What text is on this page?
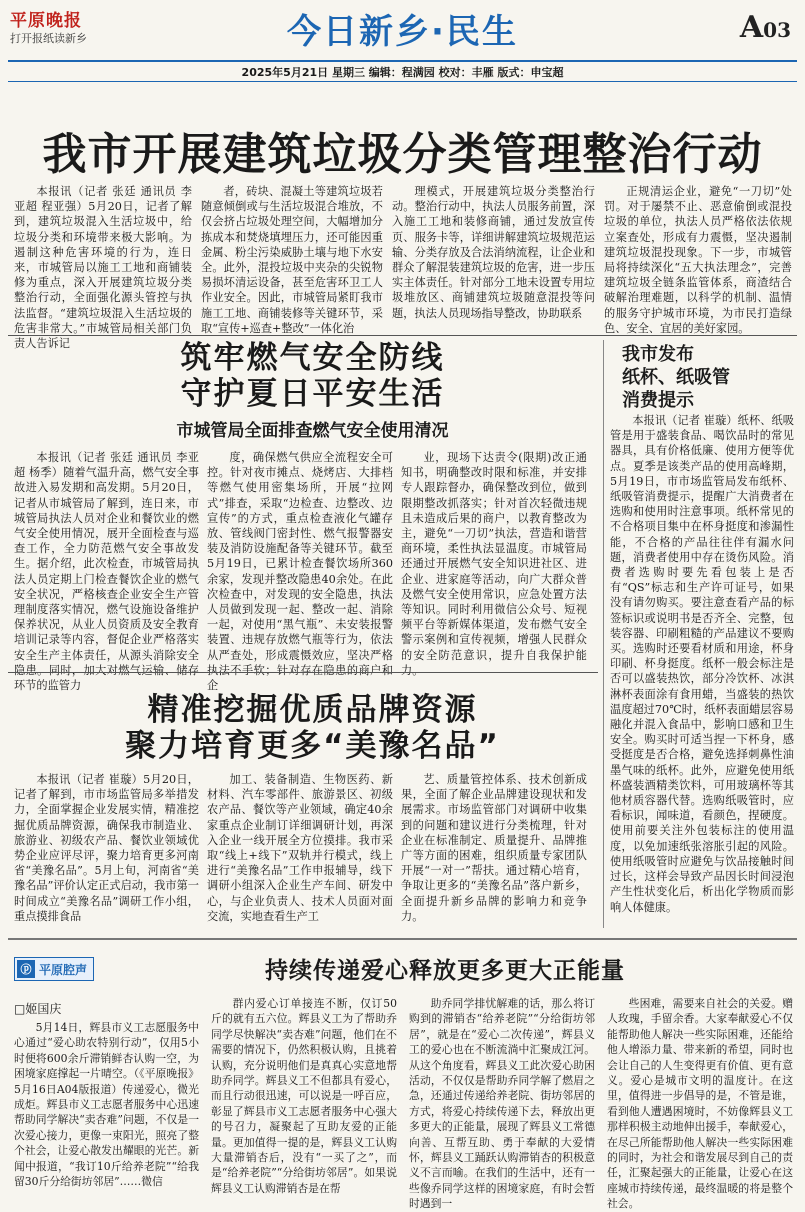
平原晚报
打开报纸读新乡	今日新乡·民生	A03
2025年5月21日 星期三 编辑：程满园 校对：丰雁 版式：申宝超
我市开展建筑垃圾分类管理整治行动

本报讯（记者 张廷 通讯员 李亚超 程亚强）5月20日，记者了解到，建筑垃圾混入生活垃圾中，给垃圾分类和环境带来极大影响。为遏制这种危害环境的行为，连日来，市城管局以施工工地和商铺装修为重点，深入开展建筑垃圾分类整治行动，全面强化源头管控与执法监督。“建筑垃圾混入生活垃圾的危害非常大。”市城管局相关部门负责人告诉记

者，砖块、混凝土等建筑垃圾若随意倾倒或与生活垃圾混合堆放，不仅会挤占垃圾处理空间，大幅增加分拣成本和焚烧填埋压力，还可能因重金属、粉尘污染威胁土壤与地下水安全。此外，混投垃圾中夹杂的尖锐物易损坏清运设备，甚至危害环卫工人作业安全。因此，市城管局紧盯我市施工工地、商铺装修等关键环节，采取“宣传+巡查+整改”一体化治

理模式，开展建筑垃圾分类整治行动。整治行动中，执法人员服务前置，深入施工工地和装修商铺，通过发放宣传页、服务卡等，详细讲解建筑垃圾规范运输、分类存放及合法消纳流程，让企业和群众了解混装建筑垃圾的危害，进一步压实主体责任。针对部分工地未设置专用垃圾堆放区、商铺建筑垃圾随意混投等问题，执法人员现场指导整改，协助联系

正规清运企业，避免“一刀切”处罚。对于屡禁不止、恶意偷倒或混投垃圾的单位，执法人员严格依法依规立案查处，形成有力震慑，坚决遏制建筑垃圾混投现象。下一步，市城管局将持续深化“五大执法理念”，完善建筑垃圾全链条监管体系，商渣结合破解治理难题，以科学的机制、温情的服务守护城市环境，为市民打造绿色、安全、宜居的美好家园。

筑牢燃气安全防线
守护夏日平安生活
市城管局全面排查燃气安全使用清况

本报讯（记者 张廷 通讯员 李亚超 杨季）随着气温升高，燃气安全事故进入易发期和高发期。5月20日，记者从市城管局了解到，连日来，市城管局执法人员对企业和餐饮业的燃气安全使用情况，展开全面检查与巡查工作，全力防范燃气安全事故发生。据介绍，此次检查，市城管局执法人员定期上门检查餐饮企业的燃气安全状况，严格核查企业安全生产管理制度落实情况，燃气设施设备维护保养状况，从业人员资质及安全教育培训记录等内容，督促企业严格落实安全生产主体责任，从源头消除安全隐患。同时，加大对燃气运输、储存环节的监管力

度，确保燃气供应全流程安全可控。针对夜市摊点、烧烤店、大排档等燃气使用密集场所，开展“拉网式”排查，采取“边检查、边整改、边宣传”的方式，重点检查液化气罐存放、管线阀门密封性、燃气报警器安装及消防设施配备等关键环节。截至5月19日，已累计检查餐饮场所360余家，发现并整改隐患40余处。在此次检查中，对发现的安全隐患，执法人员做到发现一起、整改一起、消除一起，对使用“黑气瓶”、未安装报警装置、违规存放燃气瓶等行为，依法从严查处，形成震慑效应，坚决严格执法不手软；针对存在隐患的商户和企

业，现场下达责令(限期)改正通知书，明确整改时限和标准，并安排专人跟踪督办，确保整改到位，做到限期整改抓落实；针对首次轻微违规且未造成后果的商户，以教育整改为主，避免“一刀切”执法，营造和谐营商环境，柔性执法显温度。市城管局还通过开展燃气安全知识进社区、进企业、进家庭等活动，向广大群众普及燃气安全使用常识，应急处置方法等知识。同时利用微信公众号、短视频平台等新媒体渠道，发布燃气安全警示案例和宣传视频，增强人民群众的安全防范意识，提升自我保护能力。

我市发布
纸杯、纸吸管
消费提示

本报讯（记者 崔璇）纸杯、纸吸管是用于盛装食品、喝饮品时的常见器具，具有价格低廉、使用方便等优点。夏季是该类产品的使用高峰期，5月19日，市市场监管局发布纸杯、纸吸管消费提示，提醒广大消费者在选购和使用时注意事项。纸杯常见的不合格项目集中在杯身挺度和渗漏性能，不合格的产品往往伴有漏水问题，消费者使用中存在烫伤风险。消费者选购时要先看包装上是否有“QS”标志和生产许可证号，如果没有请勿购买。要注意查看产品的标签标识或说明书是否齐全、完整，包装容器、印刷粗糙的产品建议不要购买。选购时还要看材质和用途，杯身印刷、杯身挺度。纸杯一般会标注是否可以盛装热饮，部分冷饮杯、冰淇淋杯表面涂有食用蜡，当盛装的热饮温度超过70℃时，纸杯表面蜡层容易融化并混入食品中，影响口感和卫生安全。购买时可适当捏一下杯身，感受挺度是否合格，避免选择刺鼻性油墨气味的纸杯。此外，应避免使用纸杯盛装酒精类饮料，可用玻璃杯等其他材质容器代替。选购纸吸管时，应看标识，闻味道，看颜色，捏硬度。使用前要关注外包装标注的使用温度，以免加速纸张溶胀引起的风险。使用纸吸管时应避免与饮品接触时间过长，这样会导致产品因长时间浸泡产生性状变化后，析出化学物质而影响人体健康。

精准挖掘优质品牌资源
聚力培育更多“美豫名品”

本报讯（记者 崔璇）5月20日，记者了解到，市市场监管局多举措发力，全面掌握企业发展实情，精准挖掘优质品牌资源，确保我市制造业、旅游业、初级农产品、餐饮业领域优势企业应评尽评，聚力培育更多河南省“美豫名品”。5月上旬，河南省“美豫名品”评价认定正式启动，我市第一时间成立“美豫名品”调研工作小组，重点摸排食品

加工、装备制造、生物医药、新材料、汽车零部件、旅游景区、初级农产品、餐饮等产业领域，确定40余家重点企业制订详细调研计划，再深入企业一线开展全方位摸排。我市采取“线上+线下”双轨并行模式，线上进行“美豫名品”工作申报辅导，线下调研小组深入企业生产车间、研发中心，与企业负责人、技术人员面对面交流，实地查看生产工

艺、质量管控体系、技术创新成果，全面了解企业品牌建设现状和发展需求。市场监管部门对调研中收集到的问题和建议进行分类梳理，针对企业在标准制定、质量提升、品牌推广等方面的困难，组织质量专家团队开展“一对一”帮扶。通过精心培育，争取让更多的“美豫名品”落户新乡，全面提升新乡品牌的影响力和竞争力。

ⓟ 平原腔声	持续传递爱心释放更多更大正能量
□姬国庆

5月14日，辉县市义工志愿服务中心通过“爱心助农特别行动”，仅用5小时便将600余斤滞销鲜杏认购一空，为困境家庭撑起一片晴空。（《平原晚报》5月16日A04版报道）传递爱心，微光成炬。辉县市义工志愿者服务中心迅速帮助同学解决“卖杏难”问题，不仅是一次爱心接力，更像一束阳光，照亮了整个社会，让爱心散发出耀眼的光芒。新闻中报道，“我订10斤给养老院”“给我留30斤分给街坊邻居”……微信

群内爱心订单接连不断，仅订50斤的就有五六位。辉县义工为了帮助乔同学尽快解决“卖杏难”问题，他们在不需要的情况下，仍然积极认购，且挑着认购，充分说明他们是真真心实意地帮助乔同学。辉县义工不但都具有爱心，而且行动很迅速，可以说是一呼百应，彰显了辉县市义工志愿者服务中心强大的号召力，凝聚起了互助友爱的正能量。更加值得一提的是，辉县义工认购大量滞销杏后，没有“一买了之”，而是“给养老院”“分给街坊邻居”。如果说辉县义工认购滞销杏是在帮

助乔同学排忧解难的话，那么将订购到的滞销杏“给养老院”“分给街坊邻居”，就是在“爱心二次传递”，辉县义工的爱心也在不断流淌中汇聚成江河。从这个角度看，辉县义工此次爱心助困活动，不仅仅是帮助乔同学解了燃眉之急，还通过传递给养老院、街坊邻居的方式，将爱心持续传递下去，释放出更多更大的正能量，展现了辉县义工常德向善、互帮互助、勇于奉献的大爱情怀，辉县义工踊跃认购滞销杏的积极意义不言而喻。在我们的生活中，还有一些像乔同学这样的困境家庭，有时会暂时遇到一

些困难，需要来自社会的关爱。赠人玫瑰，手留余香。大家奉献爱心不仅能帮助他人解决一些实际困难，还能给他人增添力量、带来新的希望，同时也会让自己的人生变得更有价值、更有意义。爱心是城市文明的温度计。在这里，值得进一步倡导的是，不管是谁，看到他人遭遇困境时，不妨像辉县义工那样积极主动地伸出援手，奉献爱心，在尽己所能帮助他人解决一些实际困难的同时，为社会和谐发展尽到自己的责任，汇聚起强大的正能量，让爱心在这座城市持续传递，最终温暖的将是整个社会。
